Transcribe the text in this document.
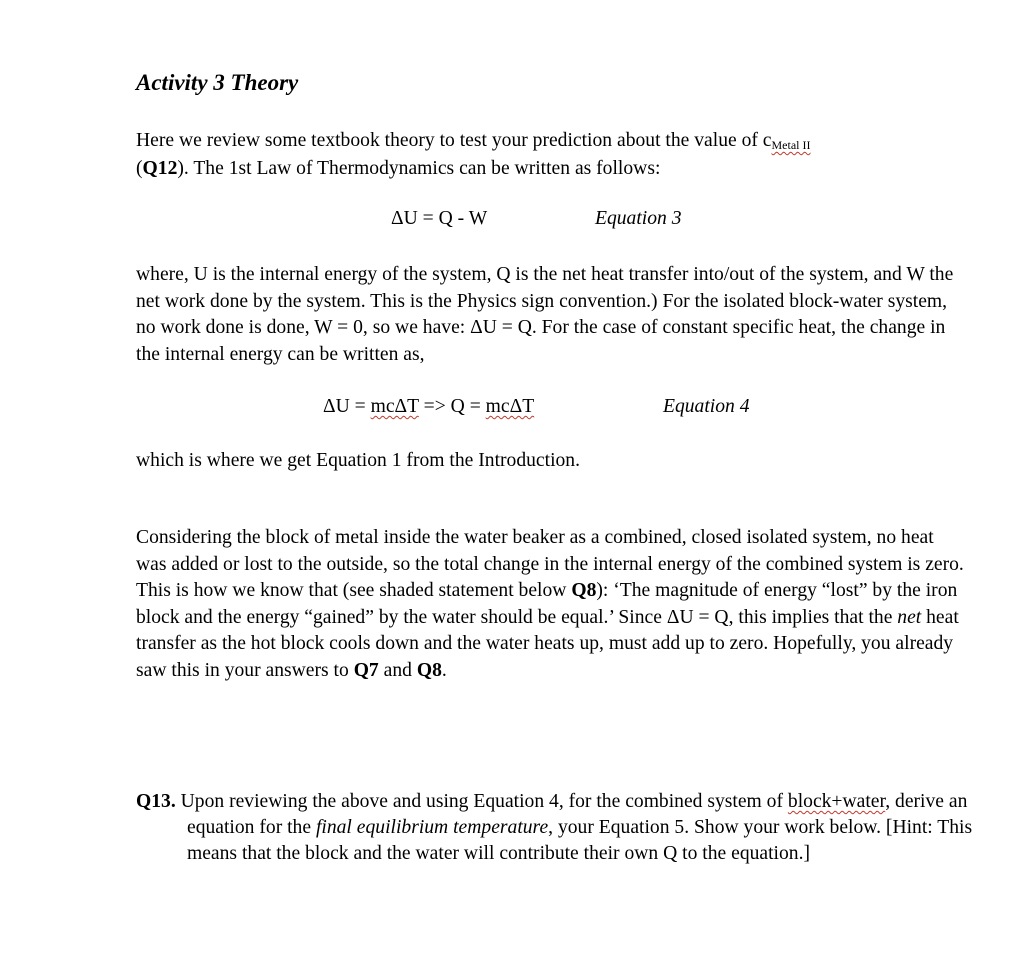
Activity 3 Theory

Here we review some textbook theory to test your prediction about the value of cMetal II
(Q12). The 1st Law of Thermodynamics can be written as follows:

ΔU = Q - W	Equation 3

where, U is the internal energy of the system, Q is the net heat transfer into/out of the system, and W the net work done by the system. This is the Physics sign convention.) For the isolated block-water system, no work done is done, W = 0, so we have: ΔU = Q. For the case of constant specific heat, the change in the internal energy can be written as,

ΔU = mcΔT => Q = mcΔT	Equation 4

which is where we get Equation 1 from the Introduction.

Considering the block of metal inside the water beaker as a combined, closed isolated system, no heat was added or lost to the outside, so the total change in the internal energy of the combined system is zero. This is how we know that (see shaded statement below Q8): ‘The magnitude of energy “lost” by the iron block and the energy “gained” by the water should be equal.’ Since ΔU = Q, this implies that the net heat transfer as the hot block cools down and the water heats up, must add up to zero. Hopefully, you already saw this in your answers to Q7 and Q8.

Q13. Upon reviewing the above and using Equation 4, for the combined system of block+water, derive an equation for the final equilibrium temperature, your Equation 5. Show your work below. [Hint: This means that the block and the water will contribute their own Q to the equation.]
